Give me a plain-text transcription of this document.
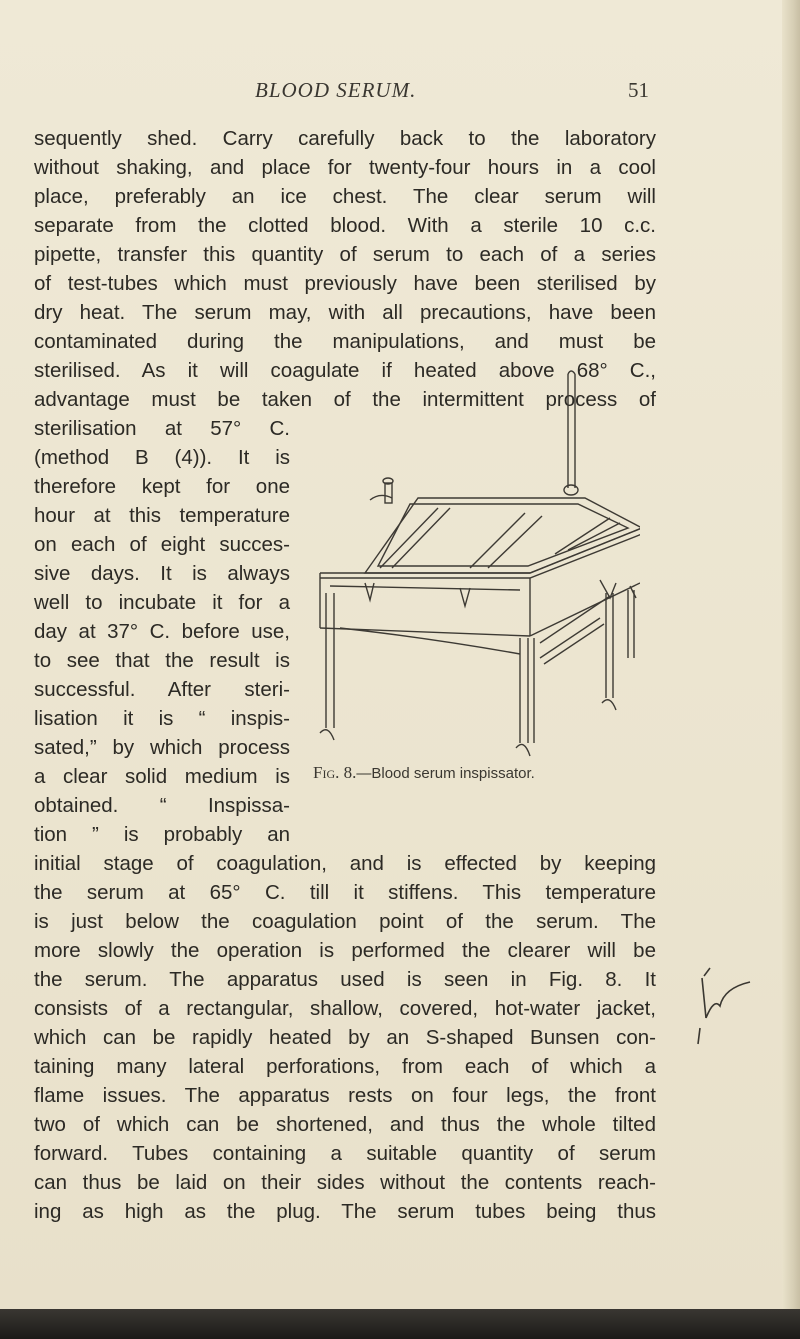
BLOOD SERUM.	51
sequently shed. Carry carefully back to the laboratory
without shaking, and place for twenty-four hours in a cool
place, preferably an ice chest. The clear serum will
separate from the clotted blood. With a sterile 10 c.c.
pipette, transfer this quantity of serum to each of a series
of test-tubes which must previously have been sterilised by
dry heat. The serum may, with all precautions, have been
contaminated during the manipulations, and must be
sterilised. As it will coagulate if heated above 68° C.,
advantage must be taken of the intermittent process of
sterilisation at 57° C.
(method B (4)). It is
therefore kept for one
hour at this temperature
on each of eight succes-
sive days. It is always
well to incubate it for a
day at 37° C. before use,
to see that the result is
successful. After steri-
lisation it is “ inspis-
sated,” by which process
a clear solid medium is
obtained. “ Inspissa-
tion ” is probably an
Fig. 8.—Blood serum inspissator.
initial stage of coagulation, and is effected by keeping
the serum at 65° C. till it stiffens. This temperature
is just below the coagulation point of the serum. The
more slowly the operation is performed the clearer will be
the serum. The apparatus used is seen in Fig. 8. It
consists of a rectangular, shallow, covered, hot-water jacket,
which can be rapidly heated by an S-shaped Bunsen con-
taining many lateral perforations, from each of which a
flame issues. The apparatus rests on four legs, the front
two of which can be shortened, and thus the whole tilted
forward. Tubes containing a suitable quantity of serum
can thus be laid on their sides without the contents reach-
ing as high as the plug. The serum tubes being thus
